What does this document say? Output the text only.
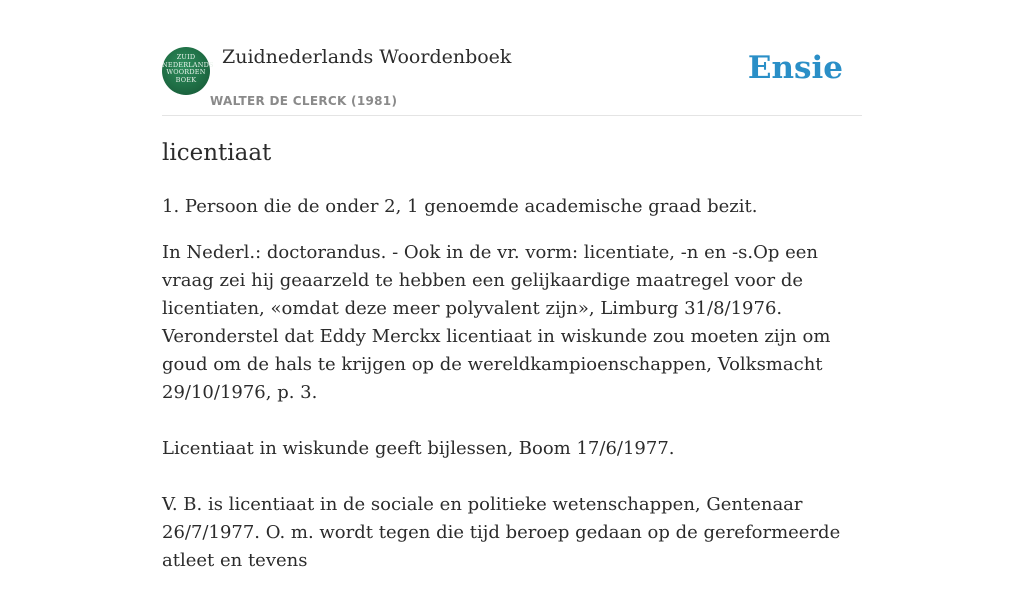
ZUID
NEDERLANDS
WOORDEN
BOEK
Zuidnederlands Woordenboek
WALTER DE CLERCK (1981)
Ensie
licentiaat

1. Persoon die de onder 2, 1 genoemde academische graad bezit.

In Nederl.: doctorandus. - Ook in de vr. vorm: licentiate, -n en -s.Op een vraag zei hij geaarzeld te hebben een gelijkaardige maatregel voor de licentiaten, «omdat deze meer polyvalent zijn», Limburg 31/8/1976. Veronderstel dat Eddy Merckx licentiaat in wiskunde zou moeten zijn om goud om de hals te krijgen op de wereldkampioenschappen, Volksmacht 29/10/1976, p. 3.

Licentiaat in wiskunde geeft bijlessen, Boom 17/6/1977.

V. B. is licentiaat in de sociale en politieke wetenschappen, Gentenaar 26/7/1977. O. m. wordt tegen die tijd beroep gedaan op de gereformeerde atleet en tevens
